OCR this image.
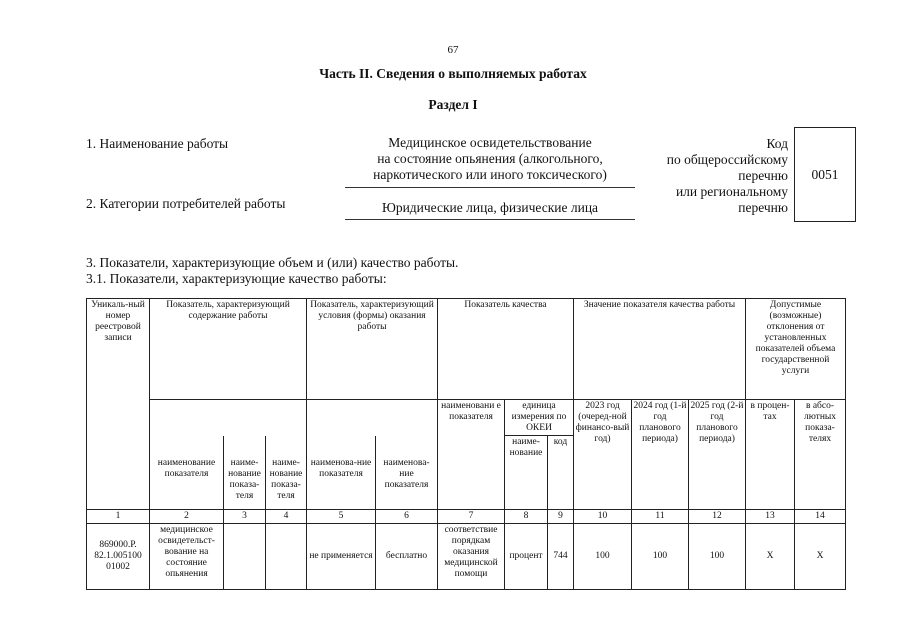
67
Часть II. Сведения о выполняемых работах
Раздел I
1. Наименование работы	Медицинское освидетельствование
на состояние опьянения (алкогольного,
наркотического или иного токсического)
2. Категории потребителей работы	Юридические лица, физические лица
Код
по общероссийскому
перечню
или региональному
перечню
0051
3. Показатели, характеризующие объем и (или) качество работы.
3.1. Показатели, характеризующие качество работы:
Уникаль-ный номер реестровой записи	Показатель, характеризующий содержание работы			Показатель, характеризующий условия (формы) оказания работы		Показатель качества			Значение показателя качества работы			Допустимые (возможные) отклонения от установленных показателей объема государственной услуги	
						наименовани е показателя	единица измерения по ОКЕИ		2023 год (очеред-ной финансо-вый год)	2024 год (1-й год планового периода)	2025 год (2-й год планового периода)	в процен-тах	в абсо-лютных показа-телях
	наименование показателя	наиме-нование показа-теля	наиме-нование показа-теля	наименова-ние показателя	наименова-ние показателя		наиме-нование	код					
1	2	3	4	5	6	7	8	9	10	11	12	13	14
869000.Р. 82.1.005100 01002	медицинское освидетельст-вование на состояние опьянения			не применяется	бесплатно	соответствие порядкам оказания медицинской помощи	процент	744	100	100	100	Х	Х
